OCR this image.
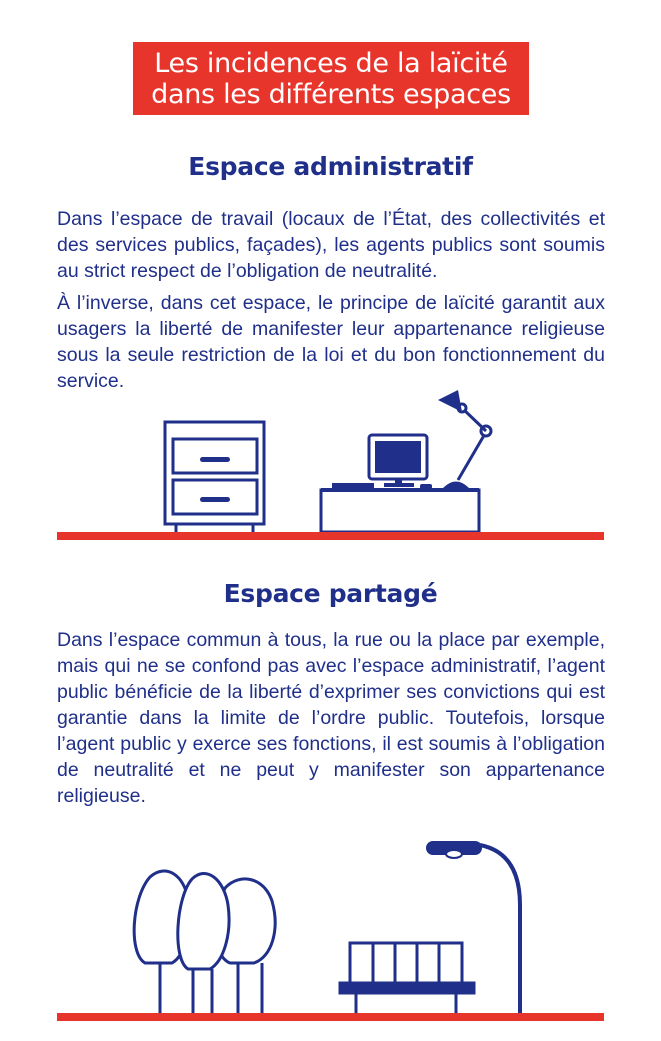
Les incidences de la laïcité
dans les différents espaces
Espace administratif

Dans l’espace de travail (locaux de l’État, des collectivités et des services publics, façades), les agents publics sont soumis au strict respect de l’obligation de neutralité.

À l’inverse, dans cet espace, le principe de laïcité garantit aux usagers la liberté de manifester leur appartenance religieuse sous la seule restriction de la loi et du bon fonctionnement du service.

Espace partagé

Dans l’espace commun à tous, la rue ou la place par exemple, mais qui ne se confond pas avec l’espace administratif, l’agent public bénéficie de la liberté d’exprimer ses convictions qui est garantie dans la limite de l’ordre public. Toutefois, lorsque l’agent public y exerce ses fonctions, il est soumis à l’obligation de neutralité et ne peut y manifester son appartenance religieuse.
